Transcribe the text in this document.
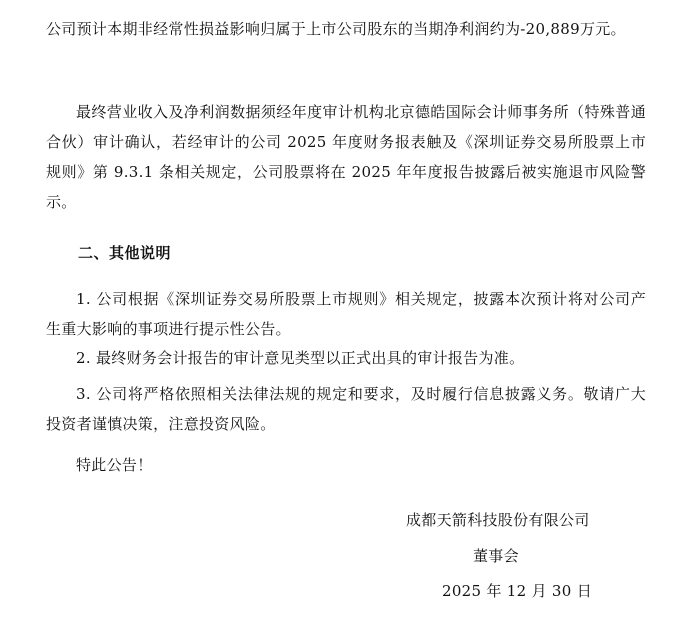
公司预计本期非经常性损益影响归属于上市公司股东的当期净利润约为-20,889万元。

最终营业收入及净利润数据须经年度审计机构北京德皓国际会计师事务所（特殊普通合伙）审计确认，若经审计的公司 2025 年度财务报表触及《深圳证券交易所股票上市规则》第 9.3.1 条相关规定，公司股票将在 2025 年年度报告披露后被实施退市风险警示。

二、其他说明

1. 公司根据《深圳证券交易所股票上市规则》相关规定，披露本次预计将对公司产生重大影响的事项进行提示性公告。

2. 最终财务会计报告的审计意见类型以正式出具的审计报告为准。

3. 公司将严格依照相关法律法规的规定和要求，及时履行信息披露义务。敬请广大投资者谨慎决策，注意投资风险。

特此公告！

成都天箭科技股份有限公司

董事会

2025 年 12 月 30 日
